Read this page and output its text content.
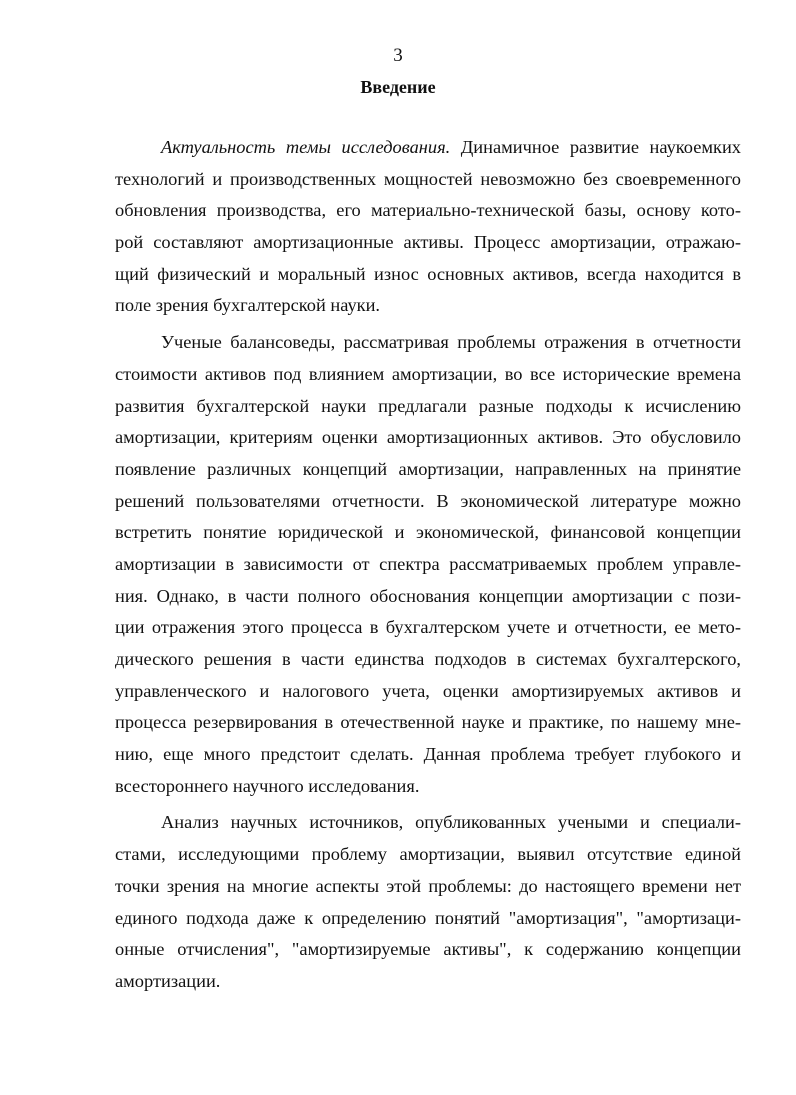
3
Введение
Актуальность темы исследования. Динамичное развитие наукоемких
технологий и производственных мощностей невозможно без своевременного
обновления производства, его материально-технической базы, основу кото-
рой составляют амортизационные активы. Процесс амортизации, отражаю-
щий физический и моральный износ основных активов, всегда находится в
поле зрения бухгалтерской науки.
Ученые балансоведы, рассматривая проблемы отражения в отчетности
стоимости активов под влиянием амортизации, во все исторические времена
развития бухгалтерской науки предлагали разные подходы к исчислению
амортизации, критериям оценки амортизационных активов. Это обусловило
появление различных концепций амортизации, направленных на принятие
решений пользователями отчетности. В экономической литературе можно
встретить понятие юридической и экономической, финансовой концепции
амортизации в зависимости от спектра рассматриваемых проблем управле-
ния. Однако, в части полного обоснования концепции амортизации с пози-
ции отражения этого процесса в бухгалтерском учете и отчетности, ее мето-
дического решения в части единства подходов в системах бухгалтерского,
управленческого и налогового учета, оценки амортизируемых активов и
процесса резервирования в отечественной науке и практике, по нашему мне-
нию, еще много предстоит сделать. Данная проблема требует глубокого и
всестороннего научного исследования.
Анализ научных источников, опубликованных учеными и специали-
стами, исследующими проблему амортизации, выявил отсутствие единой
точки зрения на многие аспекты этой проблемы: до настоящего времени нет
единого подхода даже к определению понятий "амортизация", "амортизаци-
онные отчисления", "амортизируемые активы", к содержанию концепции
амортизации.
